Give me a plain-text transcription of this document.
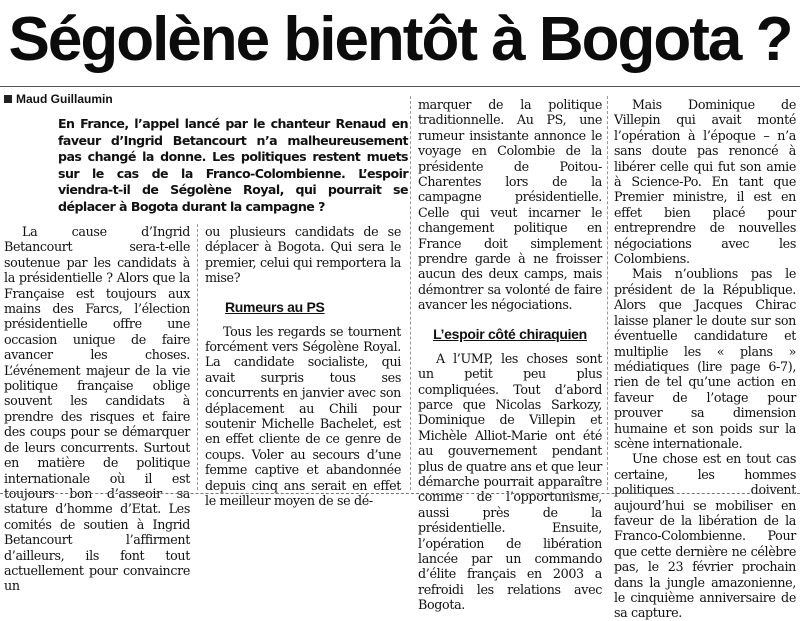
Ségolène bientôt à Bogota ?
Maud Guillaumin
En France, l’appel lancé par le chanteur Renaud en faveur d’Ingrid Betancourt n’a malheureusement pas changé la donne. Les politiques restent muets sur le cas de la Franco-Colombienne. L’espoir viendra-t-il de Ségolène Royal, qui pourrait se déplacer à Bogota durant la campagne ?

La cause d’Ingrid Betancourt sera-t-elle soutenue par les candidats à la présidentielle ? Alors que la Française est toujours aux mains des Farcs, l’élection présidentielle offre une occasion unique de faire avancer les choses. L’événement majeur de la vie politique française oblige souvent les candidats à prendre des risques et faire des coups pour se démarquer de leurs concurrents. Surtout en matière de politique internationale où il est toujours bon d’asseoir sa stature d’homme d’Etat. Les comités de soutien à Ingrid Betancourt l’affirment d’ailleurs, ils font tout actuellement pour convaincre un

ou plusieurs candidats de se déplacer à Bogota. Qui sera le premier, celui qui remportera la mise?

Rumeurs au PS

Tous les regards se tournent forcément vers Ségolène Royal. La candidate socialiste, qui avait surpris tous ses concurrents en janvier avec son déplacement au Chili pour soutenir Michelle Bachelet, est en effet cliente de ce genre de coups. Voler au secours d’une femme captive et abandonnée depuis cinq ans serait en effet le meilleur moyen de se dé-

marquer de la politique traditionnelle. Au PS, une rumeur insistante annonce le voyage en Colombie de la présidente de Poitou-Charentes lors de la campagne présidentielle. Celle qui veut incarner le changement politique en France doit simplement prendre garde à ne froisser aucun des deux camps, mais démontrer sa volonté de faire avancer les négociations.

L’espoir côté chiraquien

A l’UMP, les choses sont un petit peu plus compliquées. Tout d’abord parce que Nicolas Sarkozy, Dominique de Villepin et Michèle Alliot-Marie ont été au gouvernement pendant plus de quatre ans et que leur démarche pourrait apparaître comme de l’opportunisme, aussi près de la présidentielle. Ensuite, l’opération de libération lancée par un commando d’élite français en 2003 a refroidi les relations avec Bogota.

Mais Dominique de Villepin qui avait monté l’opération à l’époque – n’a sans doute pas renoncé à libérer celle qui fut son amie à Science-Po. En tant que Premier ministre, il est en effet bien placé pour entreprendre de nouvelles négociations avec les Colombiens.

Mais n’oublions pas le président de la République. Alors que Jacques Chirac laisse planer le doute sur son éventuelle candidature et multiplie les « plans » médiatiques (lire page 6-7), rien de tel qu’une action en faveur de l’otage pour prouver sa dimension humaine et son poids sur la scène internationale.

Une chose est en tout cas certaine, les hommes politiques doivent aujourd’hui se mobiliser en faveur de la libération de la Franco-Colombienne. Pour que cette dernière ne célèbre pas, le 23 février prochain dans la jungle amazonienne, le cinquième anniversaire de sa capture.
